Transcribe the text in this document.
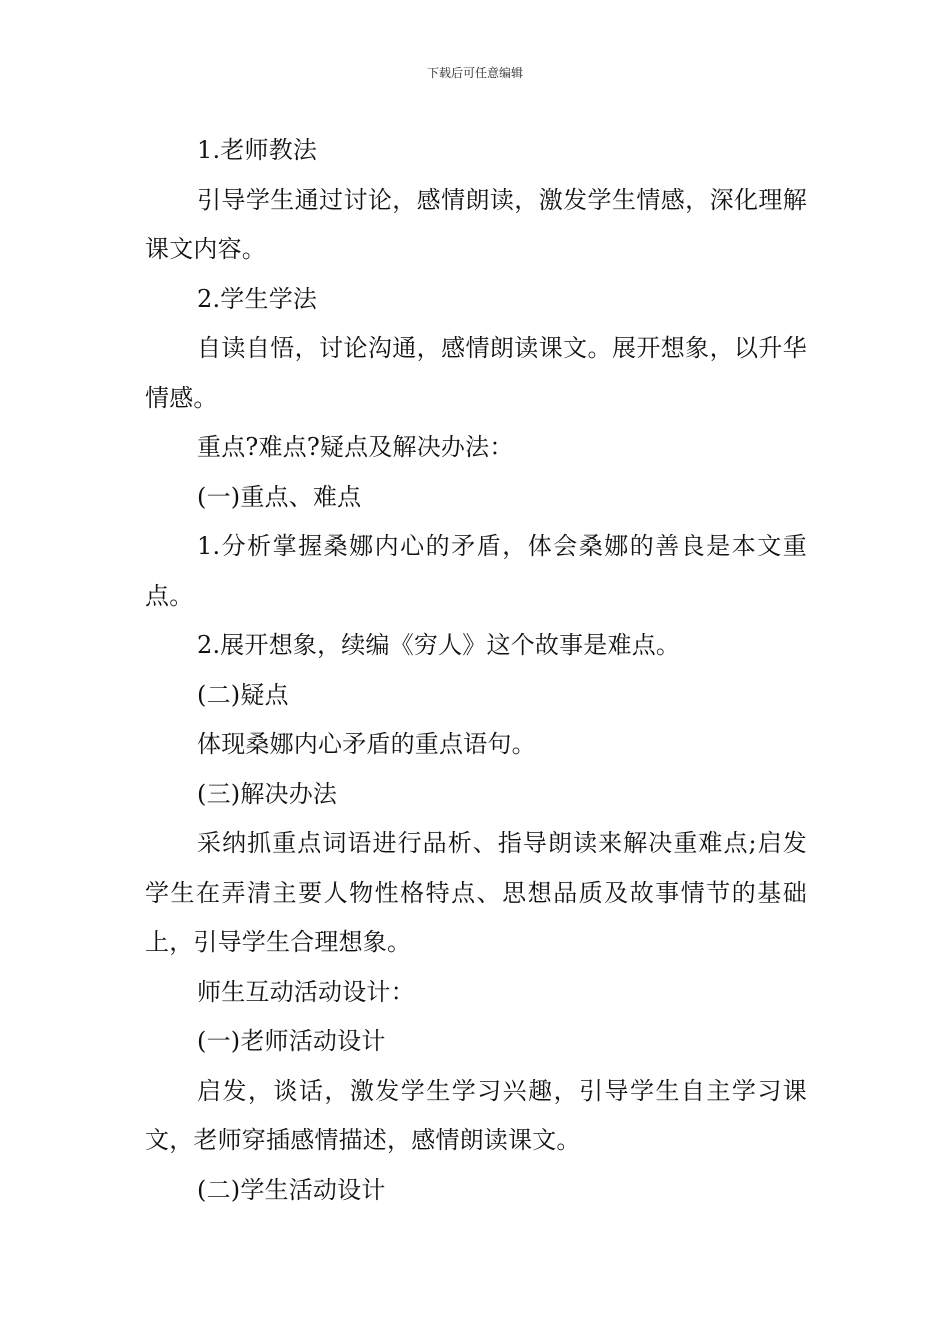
下载后可任意编辑

1.老师教法

引导学生通过讨论，感情朗读，激发学生情感，深化理解课文内容。

2.学生学法

自读自悟，讨论沟通，感情朗读课文。展开想象，以升华情感。

重点?难点?疑点及解决办法：

(一)重点、难点

1.分析掌握桑娜内心的矛盾，体会桑娜的善良是本文重点。

2.展开想象，续编《穷人》这个故事是难点。

(二)疑点

体现桑娜内心矛盾的重点语句。

(三)解决办法

采纳抓重点词语进行品析、指导朗读来解决重难点;启发学生在弄清主要人物性格特点、思想品质及故事情节的基础上，引导学生合理想象。

师生互动活动设计：

(一)老师活动设计

启发，谈话，激发学生学习兴趣，引导学生自主学习课文，老师穿插感情描述，感情朗读课文。

(二)学生活动设计
